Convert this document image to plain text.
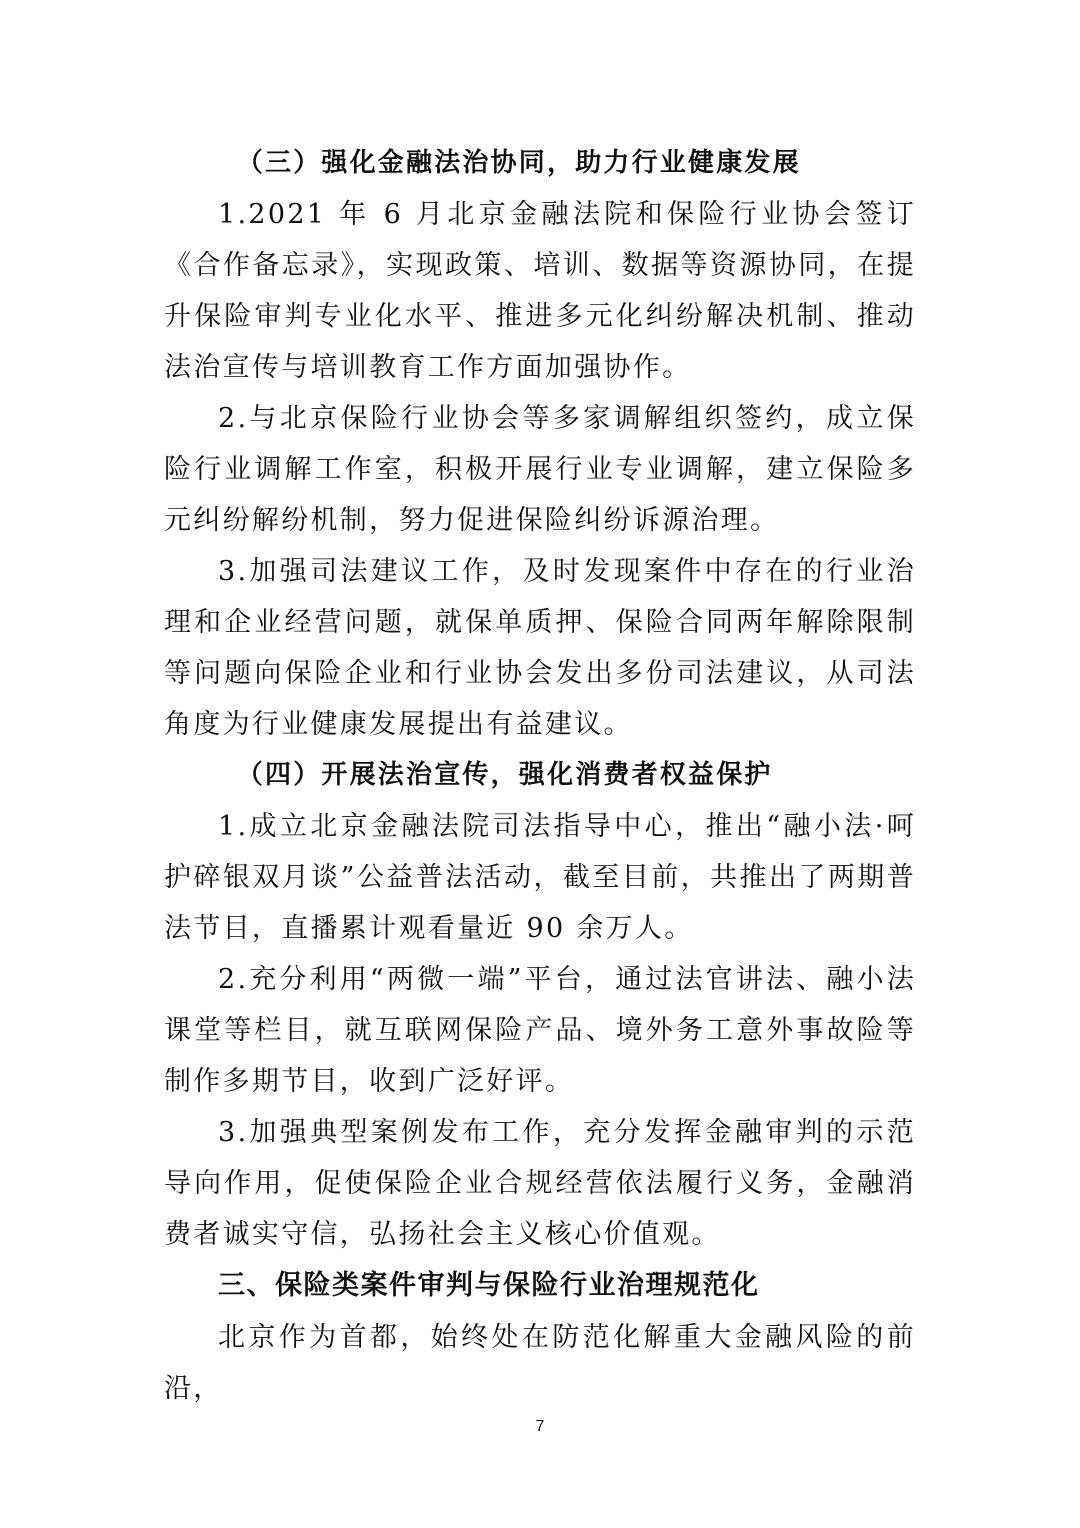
（三）强化金融法治协同，助力行业健康发展

1.2021 年 6 月北京金融法院和保险行业协会签订《合作备忘录》，实现政策、培训、数据等资源协同，在提升保险审判专业化水平、推进多元化纠纷解决机制、推动法治宣传与培训教育工作方面加强协作。

2.与北京保险行业协会等多家调解组织签约，成立保险行业调解工作室，积极开展行业专业调解，建立保险多元纠纷解纷机制，努力促进保险纠纷诉源治理。

3.加强司法建议工作，及时发现案件中存在的行业治理和企业经营问题，就保单质押、保险合同两年解除限制等问题向保险企业和行业协会发出多份司法建议，从司法角度为行业健康发展提出有益建议。

（四）开展法治宣传，强化消费者权益保护

1.成立北京金融法院司法指导中心，推出“融小法·呵护碎银双月谈”公益普法活动，截至目前，共推出了两期普法节目，直播累计观看量近 90 余万人。

2.充分利用“两微一端”平台，通过法官讲法、融小法课堂等栏目，就互联网保险产品、境外务工意外事故险等制作多期节目，收到广泛好评。

3.加强典型案例发布工作，充分发挥金融审判的示范导向作用，促使保险企业合规经营依法履行义务，金融消费者诚实守信，弘扬社会主义核心价值观。

三、保险类案件审判与保险行业治理规范化

北京作为首都，始终处在防范化解重大金融风险的前沿，

7
